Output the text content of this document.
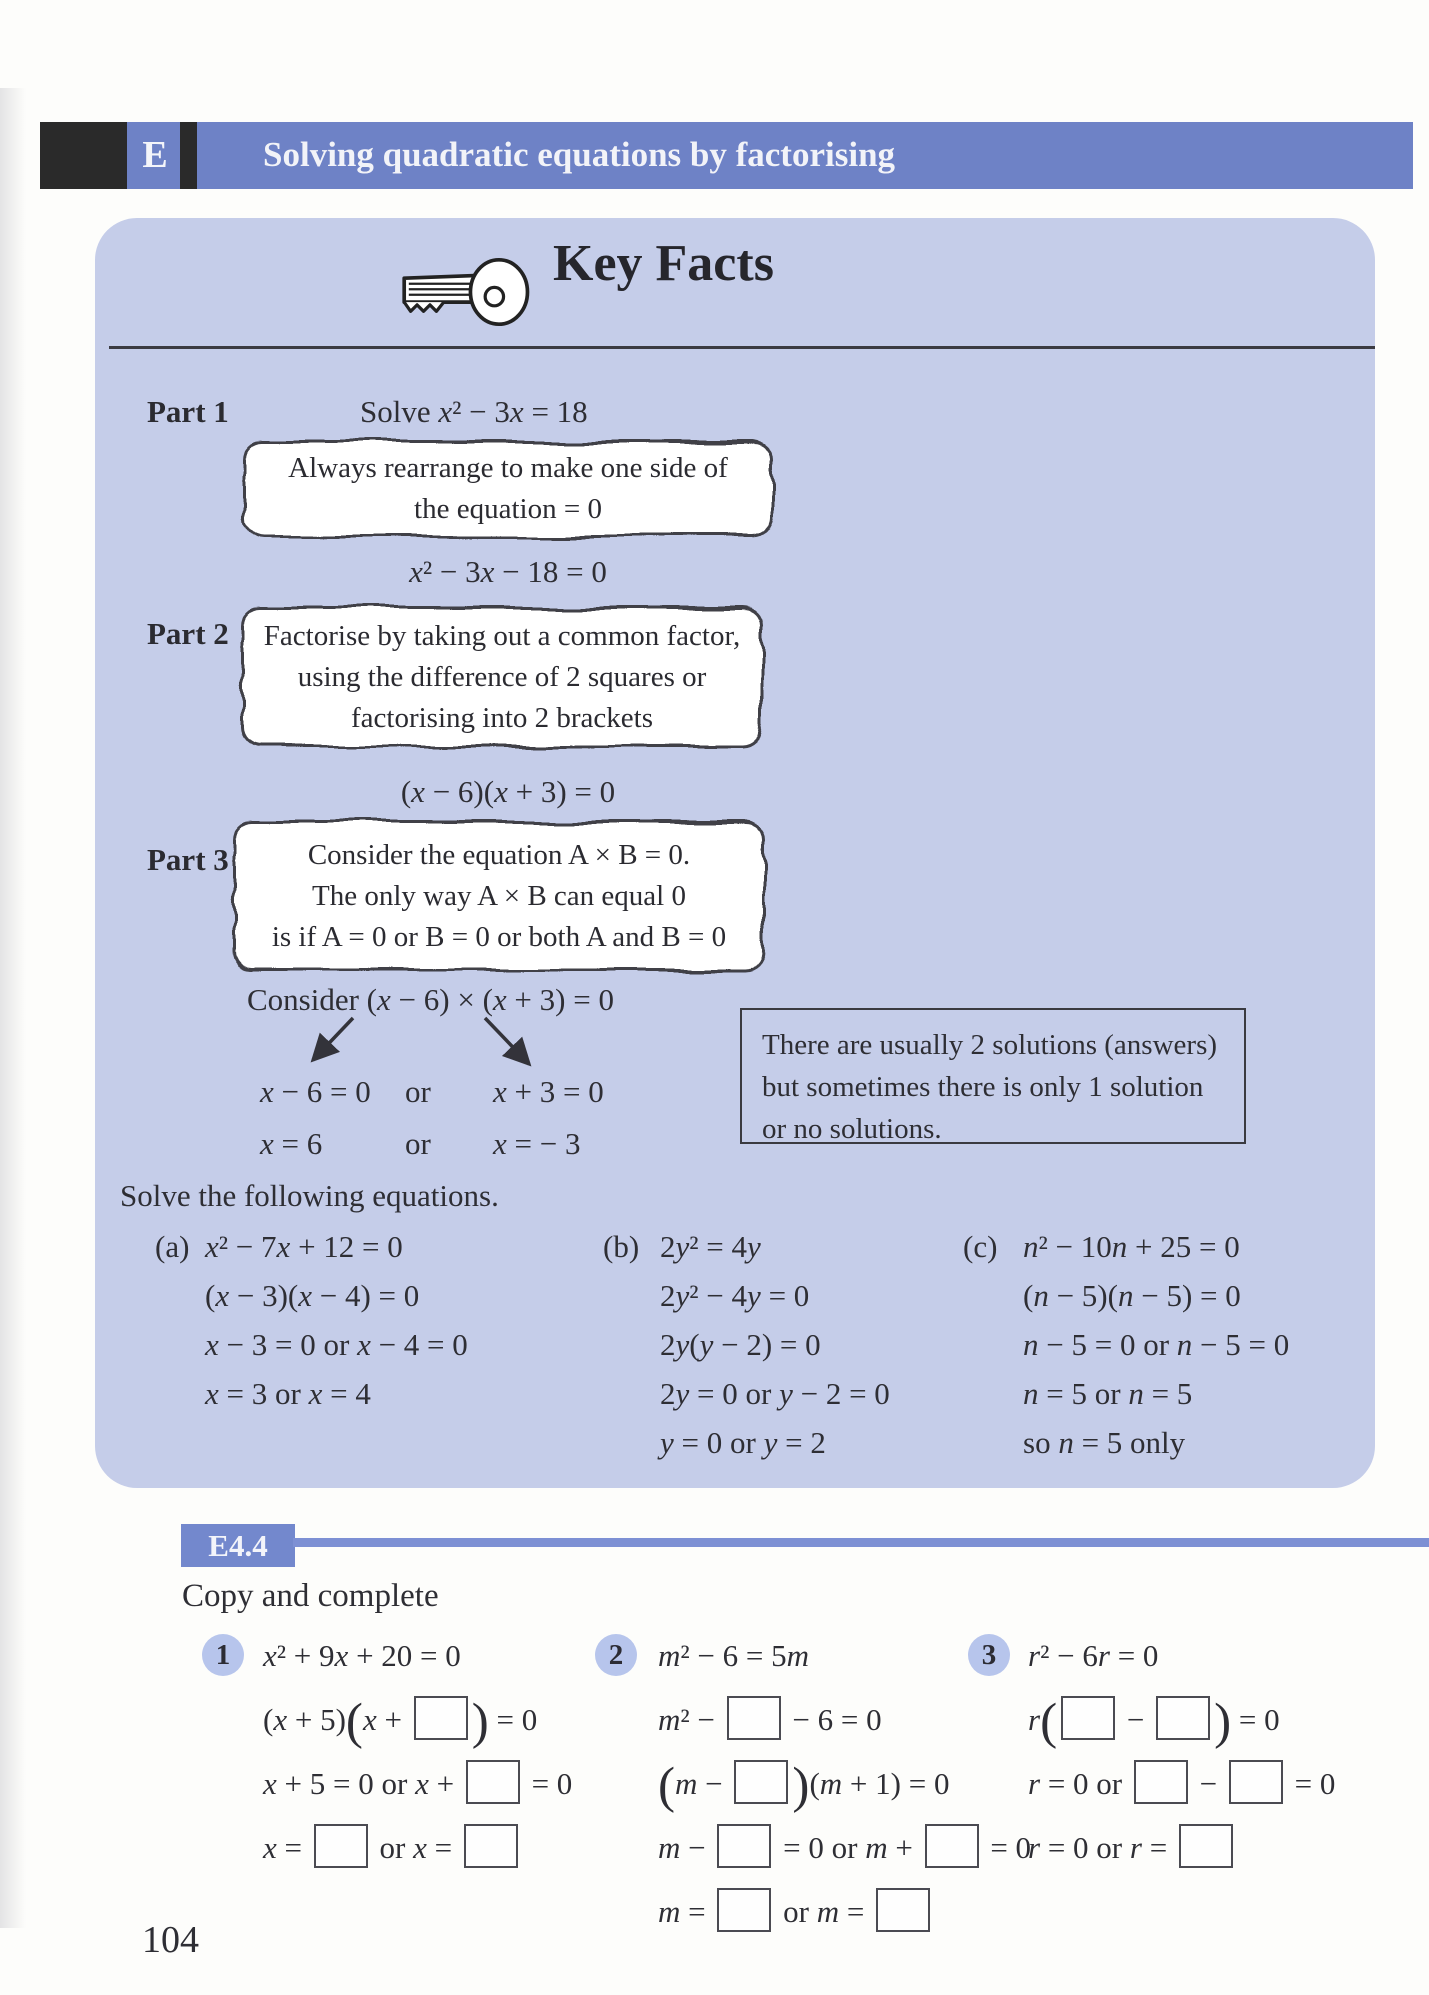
E	Solving quadratic equations by factorising
Key Facts
Part 1	Solve x² − 3x = 18
Always rearrange to make one side of
the equation = 0
x² − 3x − 18 = 0
Part 2	Factorise by taking out a common factor,
using the difference of 2 squares or
factorising into 2 brackets
(x − 6)(x + 3) = 0
Part 3	Consider the equation A × B = 0.
The only way A × B can equal 0
is if A = 0 or B = 0 or both A and B = 0
Consider (x − 6) × (x + 3) = 0
x − 6 = 0 or x + 3 = 0
x = 6	or x = − 3
There are usually 2 solutions (answers)
but sometimes there is only 1 solution
or no solutions.
Solve the following equations.
(a) x² − 7x + 12 = 0
(x − 3)(x − 4) = 0
x − 3 = 0 or x − 4 = 0
x = 3 or x = 4
(b) 2y² = 4y
2y² − 4y = 0
2y(y − 2) = 0
2y = 0 or y − 2 = 0
y = 0 or y = 2
(c) n² − 10n + 25 = 0
(n − 5)(n − 5) = 0
n − 5 = 0 or n − 5 = 0
n = 5 or n = 5
so n = 5 only
E4.4
Copy and complete
1	x² + 9x + 20 = 0
(x + 5)(x + ) = 0
x + 5 = 0 or x +  = 0
x =  or x =
2	m² − 6 = 5m
m² −  − 6 = 0
(m − )(m + 1) = 0
m −  = 0 or m +  = 0
m =  or m =
3	r² − 6r = 0
r( − ) = 0
r = 0 or  −  = 0
r = 0 or r =
104
